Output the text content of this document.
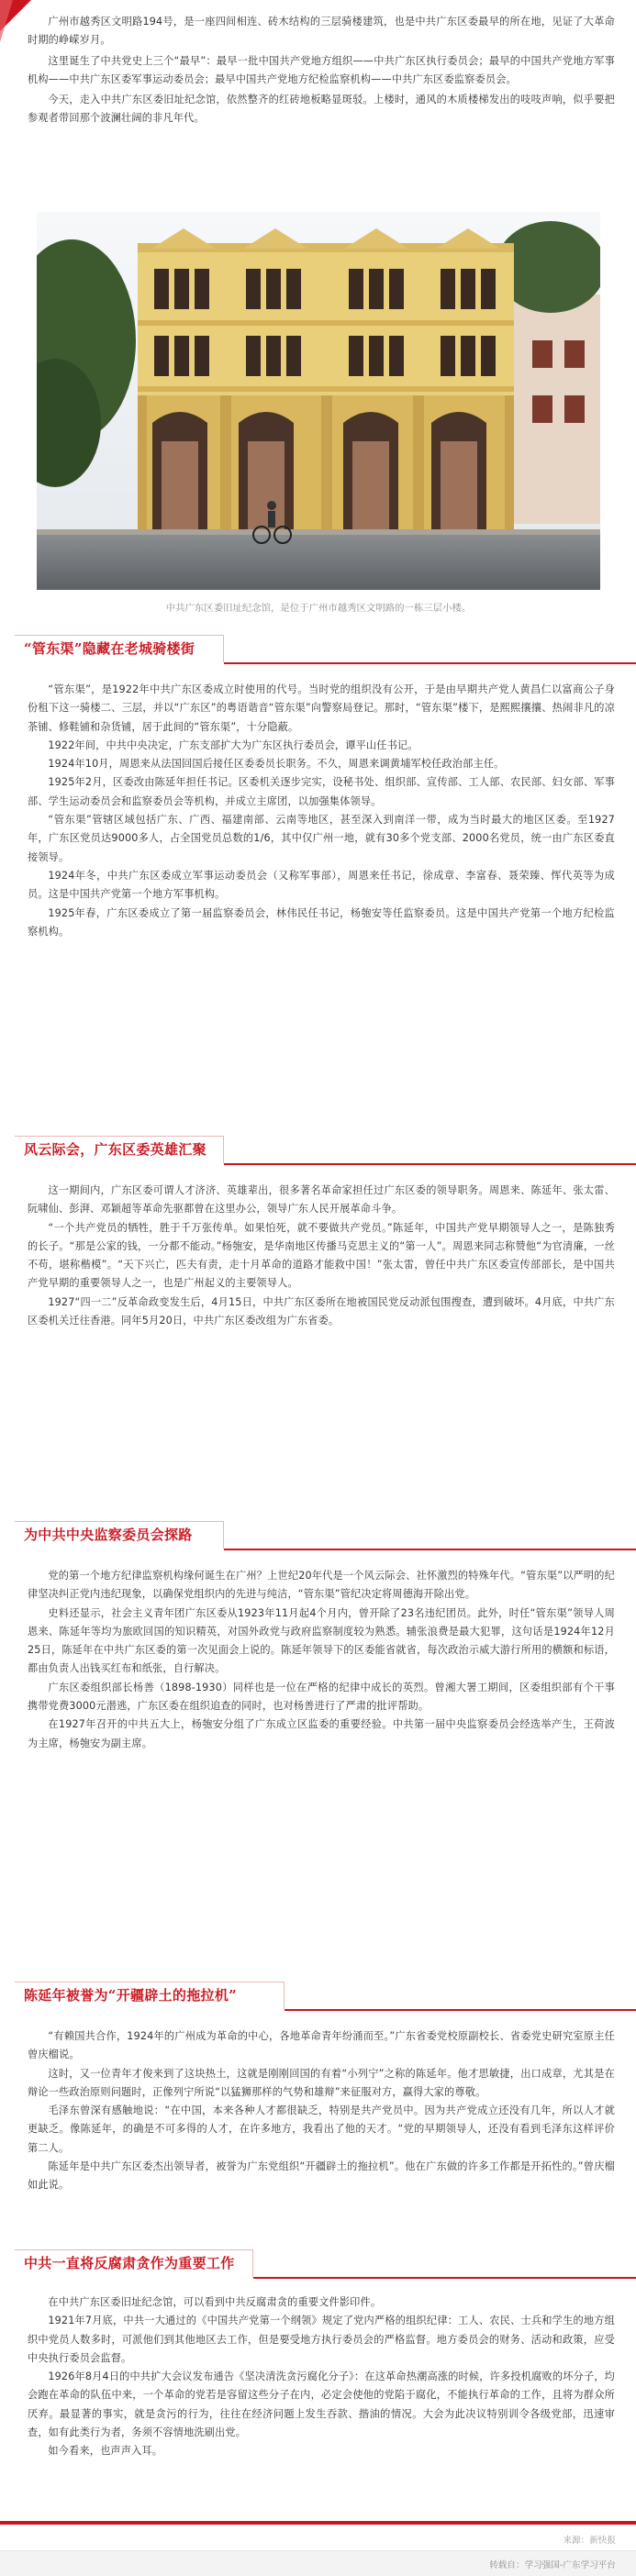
广州市越秀区文明路194号，是一座四间相连、砖木结构的三层骑楼建筑，也是中共广东区委最早的所在地，见证了大革命时期的峥嵘岁月。

这里诞生了中共党史上三个“最早”：最早一批中国共产党地方组织——中共广东区执行委员会；最早的中国共产党地方军事机构——中共广东区委军事运动委员会；最早中国共产党地方纪检监察机构——中共广东区委监察委员会。

今天，走入中共广东区委旧址纪念馆，依然整齐的红砖地板略显斑驳。上楼时，通风的木质楼梯发出的吱吱声响，似乎要把参观者带回那个波澜壮阔的非凡年代。

中共广东区委旧址纪念馆，是位于广州市越秀区文明路的一栋三层小楼。
“管东渠”隐藏在老城骑楼街

“管东渠”，是1922年中共广东区委成立时使用的代号。当时党的组织没有公开，于是由早期共产党人黄昌仁以富商公子身份租下这一骑楼二、三层，并以“广东区”的粤语谐音“管东渠”向警察局登记。那时，“管东渠”楼下，是熙熙攘攘、热闹非凡的凉茶铺、修鞋铺和杂货铺，居于此间的“管东渠”，十分隐蔽。

1922年间，中共中央决定，广东支部扩大为广东区执行委员会，谭平山任书记。

1924年10月，周恩来从法国回国后接任区委委员长职务。不久，周恩来调黄埔军校任政治部主任。

1925年2月，区委改由陈延年担任书记。区委机关逐步完实，设秘书处、组织部、宣传部、工人部、农民部、妇女部、军事部、学生运动委员会和监察委员会等机构，并成立主席团，以加强集体领导。

“管东渠”管辖区域包括广东、广西、福建南部、云南等地区，甚至深入到南洋一带，成为当时最大的地区区委。至1927年，广东区党员达9000多人，占全国党员总数的1/6，其中仅广州一地，就有30多个党支部、2000名党员，统一由广东区委直接领导。

1924年冬，中共广东区委成立军事运动委员会（又称军事部），周恩来任书记，徐成章、李富春、聂荣臻、恽代英等为成员。这是中国共产党第一个地方军事机构。

1925年春，广东区委成立了第一届监察委员会，林伟民任书记，杨匏安等任监察委员。这是中国共产党第一个地方纪检监察机构。

风云际会，广东区委英雄汇聚

这一期间内，广东区委可谓人才济济、英雄辈出，很多著名革命家担任过广东区委的领导职务。周恩来、陈延年、张太雷、阮啸仙、彭湃、邓颖超等革命先驱都曾在这里办公，领导广东人民开展革命斗争。

“一个共产党员的牺牲，胜于千万张传单。如果怕死，就不要做共产党员。”陈延年，中国共产党早期领导人之一，是陈独秀的长子。“那是公家的钱，一分都不能动。”杨匏安，是华南地区传播马克思主义的“第一人”。周恩来同志称赞他“为官清廉，一丝不苟，堪称楷模”。“天下兴亡，匹夫有责，走十月革命的道路才能救中国！”张太雷，曾任中共广东区委宣传部部长，是中国共产党早期的重要领导人之一，也是广州起义的主要领导人。

1927“四一二”反革命政变发生后，4月15日，中共广东区委所在地被国民党反动派包围搜查，遭到破坏。4月底，中共广东区委机关迁往香港。同年5月20日，中共广东区委改组为广东省委。

为中共中央监察委员会探路

党的第一个地方纪律监察机构缘何诞生在广州？上世纪20年代是一个风云际会、社怀激烈的特殊年代。“管东渠”以严明的纪律坚决纠正党内违纪现象，以确保党组织内的先进与纯洁，“管东渠”管纪决定将周德海开除出党。

史料还显示，社会主义青年团广东区委从1923年11月起4个月内，曾开除了23名违纪团员。此外，时任“管东渠”领导人周恩来、陈延年等均为旅欧回国的知识精英，对国外政党与政府监察制度较为熟悉。辅张浪费是最大犯罪，这句话是1924年12月25日，陈延年在中共广东区委的第一次见面会上说的。陈延年领导下的区委能省就省，每次政治示威大游行所用的横额和标语，都由负责人出钱买红布和纸张，自行解决。

广东区委组织部长杨善（1898-1930）同样也是一位在严格的纪律中成长的英烈。曾湘大署工期间，区委组织部有个干事携带党费3000元潜逃，广东区委在组织追查的同时，也对杨善进行了严肃的批评帮助。

在1927年召开的中共五大上，杨匏安分组了广东成立区监委的重要经验。中共第一届中央监察委员会经选举产生，王荷波为主席，杨匏安为副主席。

陈延年被誉为“开疆辟土的拖拉机”

“有赖国共合作，1924年的广州成为革命的中心，各地革命青年纷涌而至。”广东省委党校原副校长、省委党史研究室原主任曾庆榴说。

这时，又一位青年才俊来到了这块热土，这就是刚刚回国的有着“小列宁”之称的陈延年。他才思敏捷，出口成章，尤其是在辩论一些政治原则问题时，正像列宁所说“以猛狮那样的气势和雄辩”来征服对方，赢得大家的尊敬。

毛泽东曾深有感触地说：“在中国，本来各种人才都很缺乏，特别是共产党员中。因为共产党成立还没有几年，所以人才就更缺乏。像陈延年，的确是不可多得的人才，在许多地方，我看出了他的天才。“党的早期领导人，还没有看到毛泽东这样评价第二人。

陈延年是中共广东区委杰出领导者，被誉为广东党组织“开疆辟土的拖拉机”。他在广东做的许多工作都是开拓性的。”曾庆榴如此说。

中共一直将反腐肃贪作为重要工作

在中共广东区委旧址纪念馆，可以看到中共反腐肃贪的重要文件影印件。

1921年7月底，中共一大通过的《中国共产党第一个纲领》规定了党内严格的组织纪律：工人、农民、士兵和学生的地方组织中党员人数多时，可派他们到其他地区去工作，但是要受地方执行委员会的严格监督。地方委员会的财务、活动和政策，应受中央执行委员会监督。

1926年8月4日的中共扩大会议发布通告《坚决清洗贪污腐化分子》：在这革命热潮高涨的时候，许多投机腐败的坏分子，均会跑在革命的队伍中来，一个革命的党若是容留这些分子在内，必定会使他的党陷于腐化，不能执行革命的工作，且将为群众所厌弃。最显著的事实，就是贪污的行为，往往在经济问题上发生吞款、揩油的情况。大会为此决议特别训令各级党部，迅速审查，如有此类行为者，务须不容情地洗刷出党。

如今看来，也声声入耳。

来源：新快报
转载自：学习强国-广东学习平台
